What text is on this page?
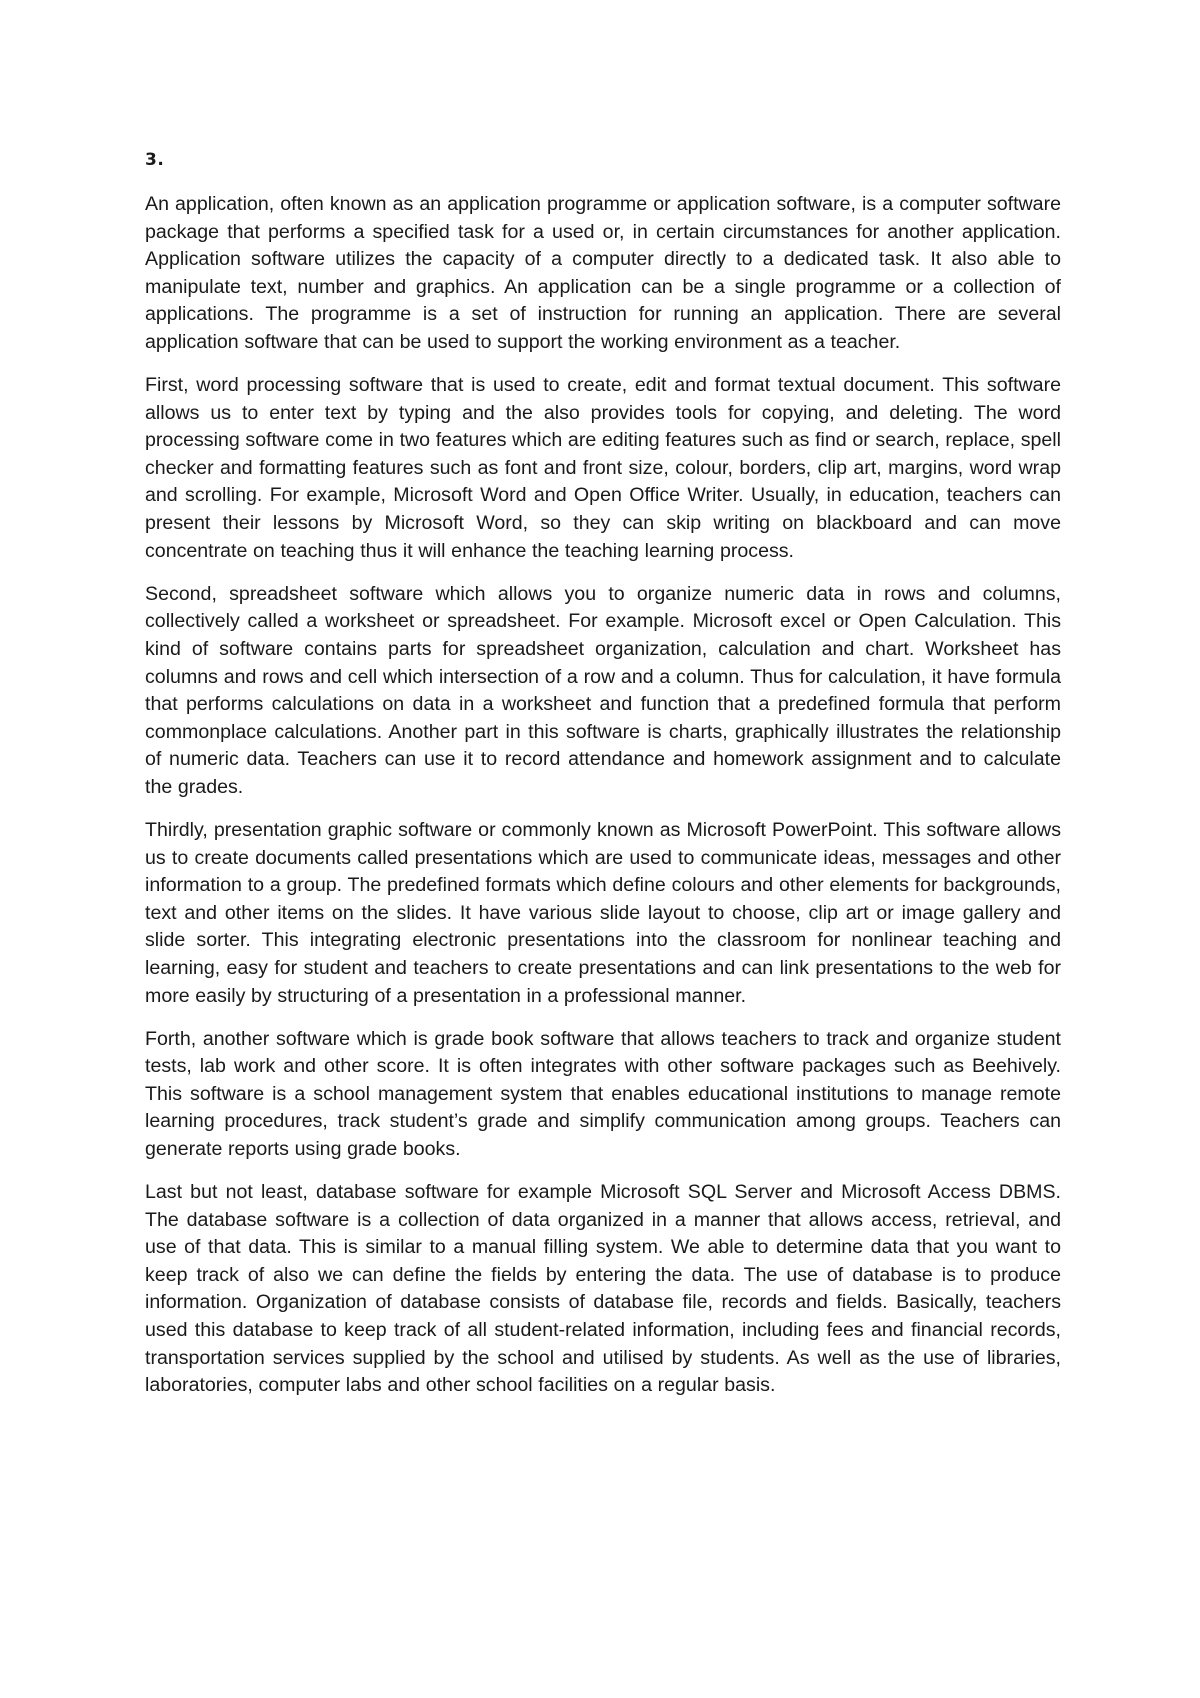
3.

An application, often known as an application programme or application software, is a computer software package that performs a specified task for a used or, in certain circumstances for another application. Application software utilizes the capacity of a computer directly to a dedicated task. It also able to manipulate text, number and graphics. An application can be a single programme or a collection of applications. The programme is a set of instruction for running an application. There are several application software that can be used to support the working environment as a teacher.

First, word processing software that is used to create, edit and format textual document. This software allows us to enter text by typing and the also provides tools for copying, and deleting. The word processing software come in two features which are editing features such as find or search, replace, spell checker and formatting features such as font and front size, colour, borders, clip art, margins, word wrap and scrolling. For example, Microsoft Word and Open Office Writer. Usually, in education, teachers can present their lessons by Microsoft Word, so they can skip writing on blackboard and can move concentrate on teaching thus it will enhance the teaching learning process.

Second, spreadsheet software which allows you to organize numeric data in rows and columns, collectively called a worksheet or spreadsheet. For example. Microsoft excel or Open Calculation. This kind of software contains parts for spreadsheet organization, calculation and chart. Worksheet has columns and rows and cell which intersection of a row and a column. Thus for calculation, it have formula that performs calculations on data in a worksheet and function that a predefined formula that perform commonplace calculations. Another part in this software is charts, graphically illustrates the relationship of numeric data. Teachers can use it to record attendance and homework assignment and to calculate the grades.

Thirdly, presentation graphic software or commonly known as Microsoft PowerPoint. This software allows us to create documents called presentations which are used to communicate ideas, messages and other information to a group. The predefined formats which define colours and other elements for backgrounds, text and other items on the slides. It have various slide layout to choose, clip art or image gallery and slide sorter. This integrating electronic presentations into the classroom for nonlinear teaching and learning, easy for student and teachers to create presentations and can link presentations to the web for more easily by structuring of a presentation in a professional manner.

Forth, another software which is grade book software that allows teachers to track and organize student tests, lab work and other score. It is often integrates with other software packages such as Beehively. This software is a school management system that enables educational institutions to manage remote learning procedures, track student’s grade and simplify communication among groups. Teachers can generate reports using grade books.

Last but not least, database software for example Microsoft SQL Server and Microsoft Access DBMS. The database software is a collection of data organized in a manner that allows access, retrieval, and use of that data. This is similar to a manual filling system. We able to determine data that you want to keep track of also we can define the fields by entering the data. The use of database is to produce information. Organization of database consists of database file, records and fields. Basically, teachers used this database to keep track of all student-related information, including fees and financial records, transportation services supplied by the school and utilised by students. As well as the use of libraries, laboratories, computer labs and other school facilities on a regular basis.
